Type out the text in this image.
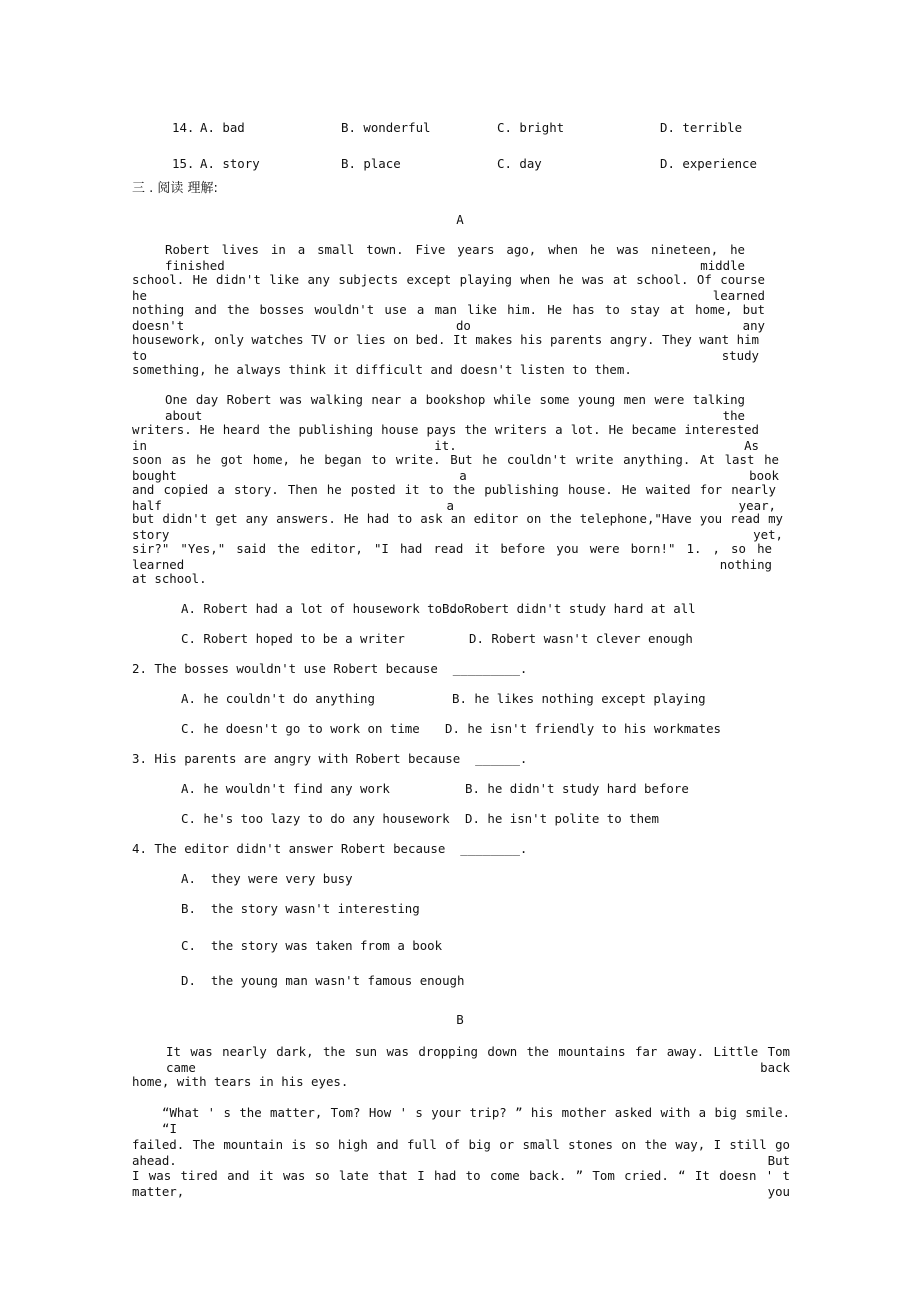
14. A. bad	B. wonderful	C. bright	D. terrible
15. A. story	B. place	C. day	D. experience
三 . 阅读 理解:
A
Robert lives in a small town. Five years ago, when he was nineteen, he finished middle
school. He didn't like any subjects except playing when he was at school. Of course he learned
nothing and the bosses wouldn't use a man like him. He has to stay at home, but doesn't do any
housework, only watches TV or lies on bed. It makes his parents angry. They want him to study
something, he always think it difficult and doesn't listen to them.
One day Robert was walking near a bookshop while some young men were talking about the
writers. He heard the publishing house pays the writers a lot. He became interested in it. As
soon as he got home, he began to write. But he couldn't write anything. At last he bought a book
and copied a story. Then he posted it to the publishing house. He waited for nearly half a year,
but didn't get any answers. He had to ask an editor on the telephone,"Have you read my story yet,
sir?" "Yes," said the editor, "I had read it before you were born!" 1. , so he learned nothing
at school.
A. Robert had a lot of housework to do
B. Robert didn't study hard at all
C. Robert hoped to be a writer	D. Robert wasn't clever enough
2. The bosses wouldn't use Robert because  _________.
A. he couldn't do anything	B. he likes nothing except playing
C. he doesn't go to work on time D. he isn't friendly to his workmates
3. His parents are angry with Robert because  ______.
A. he wouldn't find any work	B. he didn't study hard before
C. he's too lazy to do any housework D. he isn't polite to them
4. The editor didn't answer Robert because  ________.
A.  they were very busy
B.  the story wasn't interesting
C.  the story was taken from a book
D.  the young man wasn't famous enough
B
It was nearly dark, the sun was dropping down the mountains far away. Little Tom came back
home, with tears in his eyes.
“What ' s the matter, Tom? How ' s your trip? ” his mother asked with a big smile. “I
failed. The mountain is so high and full of big or small stones on the way, I still go ahead. But
I was tired and it was so late that I had to come back. ” Tom cried. “ It doesn ' t matter, you
